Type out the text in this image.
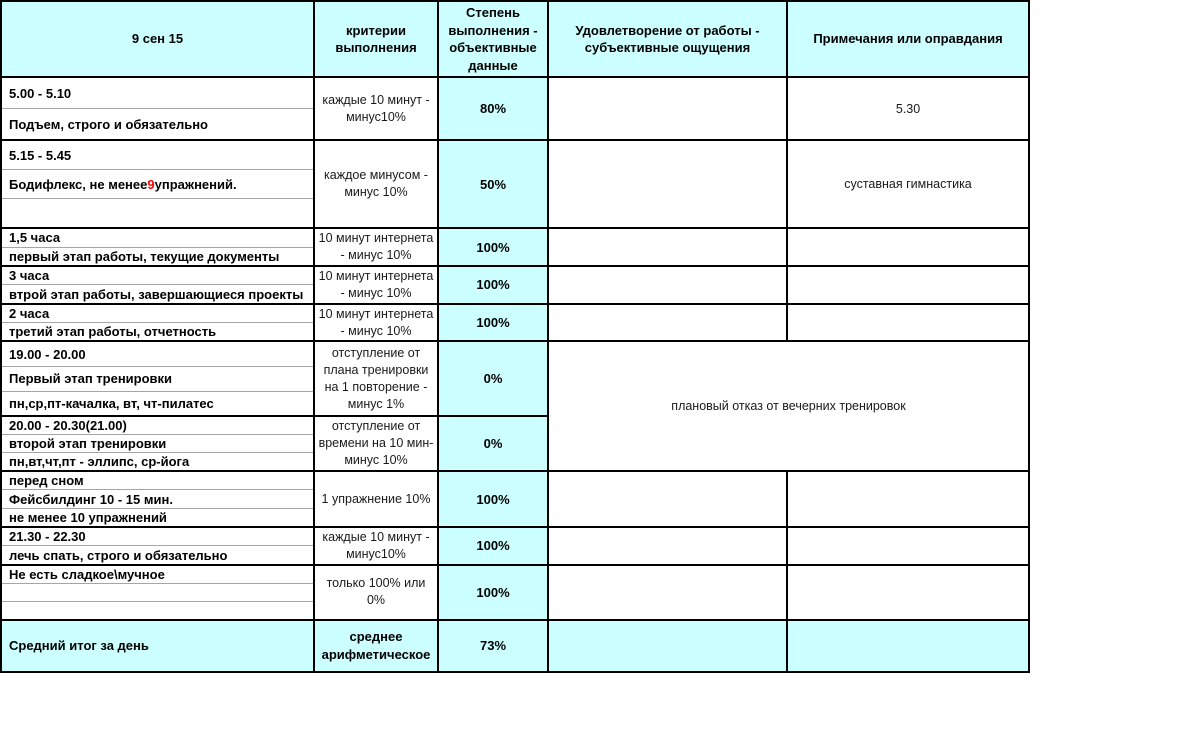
9 сен 15	критерии выполнения	Степень выполнения - объективные данные	Удовлетворение от работы - субъективные ощущения	Примечания или оправдания

5.00 - 5.10
Подъем, строго и обязательно	каждые 10 минут - минус10%	80%		5.30

5.15 - 5.45
Бодифлекс, не менее 9 упражнений.	каждое минусом - минус 10%	50%		суставная гимнастика

1,5 часа
первый этап работы, текущие документы	10 минут интернета - минус 10%	100%		

3 часа
втрой этап работы, завершающиеся проекты	10 минут интернета - минус 10%	100%		

2 часа
третий этап работы, отчетность	10 минут интернета - минус 10%	100%		

19.00 - 20.00
Первый этап тренировки
пн,ср,пт-качалка, вт, чт-пилатес	отступление от плана тренировки на 1 повторение - минус 1%	0%	плановый отказ от вечерних тренировок	

20.00 - 20.30(21.00)
второй этап тренировки
пн,вт,чт,пт - эллипс, ср-йога	отступление от времени на 10 мин- минус 10%	0%		

перед сном
Фейсбилдинг 10 - 15 мин.
не менее 10 упражнений	1 упражнение 10%	100%		

21.30 - 22.30
лечь спать, строго и обязательно	каждые 10 минут - минус10%	100%		

Не есть сладкое\мучное	только 100% или 0%	100%		
Средний итог за день	среднее арифметическое	73%		
